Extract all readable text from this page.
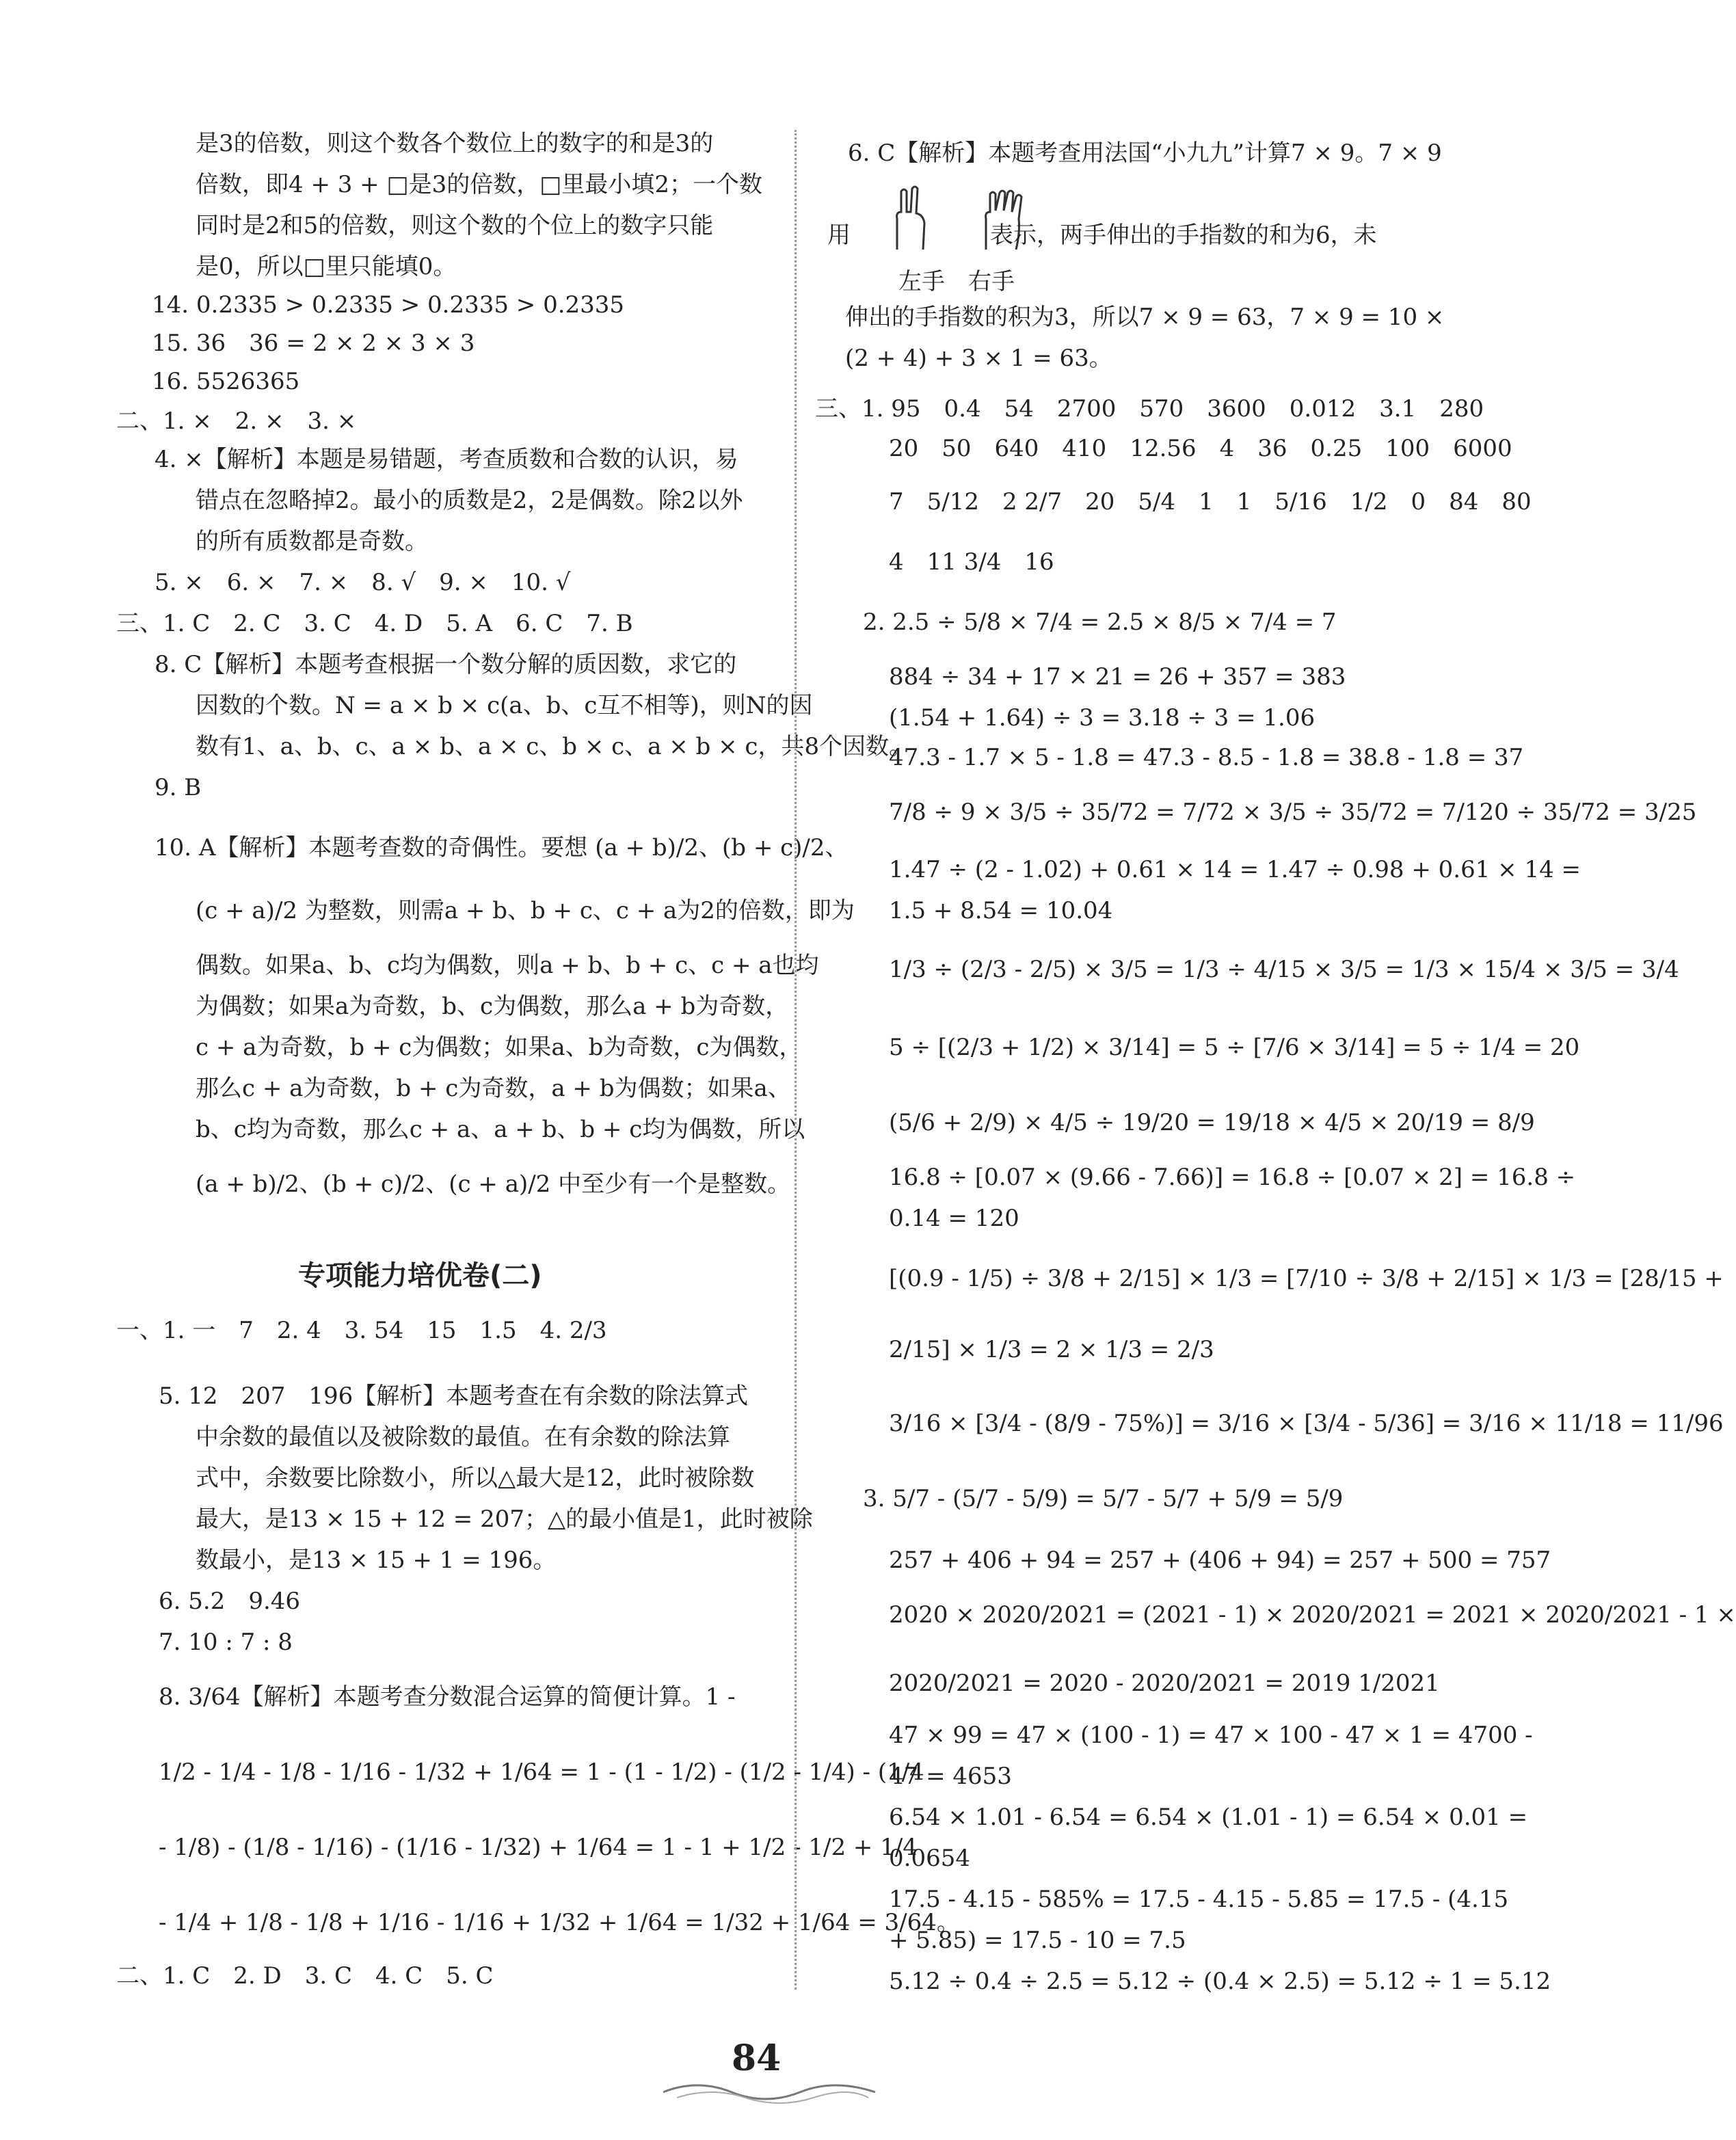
是3的倍数，则这个数各个数位上的数字的和是3的
倍数，即4 + 3 + □是3的倍数，□里最小填2；一个数
同时是2和5的倍数，则这个数的个位上的数字只能
是0，所以□里只能填0。
14. 0.2335 > 0.2335 > 0.2335 > 0.2335
15. 36　36 = 2 × 2 × 3 × 3
16. 5526365
二、1. ×　2. ×　3. ×
4. ×【解析】本题是易错题，考查质数和合数的认识，易
错点在忽略掉2。最小的质数是2，2是偶数。除2以外
的所有质数都是奇数。
5. ×　6. ×　7. ×　8. √　9. ×　10. √
三、1. C　2. C　3. C　4. D　5. A　6. C　7. B
8. C【解析】本题考查根据一个数分解的质因数，求它的
因数的个数。N = a × b × c(a、b、c互不相等)，则N的因
数有1、a、b、c、a × b、a × c、b × c、a × b × c，共8个因数。
9. B
10. A【解析】本题考查数的奇偶性。要想 (a + b)/2、(b + c)/2、
(c + a)/2 为整数，则需a + b、b + c、c + a为2的倍数，即为
偶数。如果a、b、c均为偶数，则a + b、b + c、c + a也均
为偶数；如果a为奇数，b、c为偶数，那么a + b为奇数，
c + a为奇数，b + c为偶数；如果a、b为奇数，c为偶数，
那么c + a为奇数，b + c为奇数，a + b为偶数；如果a、
b、c均为奇数，那么c + a、a + b、b + c均为偶数，所以
(a + b)/2、(b + c)/2、(c + a)/2 中至少有一个是整数。
专项能力培优卷(二)
一、1. 一　7　2. 4　3. 54　15　1.5　4. 2/3
5. 12　207　196【解析】本题考查在有余数的除法算式
中余数的最值以及被除数的最值。在有余数的除法算
式中，余数要比除数小，所以△最大是12，此时被除数
最大，是13 × 15 + 12 = 207；△的最小值是1，此时被除
数最小，是13 × 15 + 1 = 196。
6. 5.2　9.46
7. 10 : 7 : 8
8. 3/64【解析】本题考查分数混合运算的简便计算。1 -
1/2 - 1/4 - 1/8 - 1/16 - 1/32 + 1/64 = 1 - (1 - 1/2) - (1/2 - 1/4) - (1/4
- 1/8) - (1/8 - 1/16) - (1/16 - 1/32) + 1/64 = 1 - 1 + 1/2 - 1/2 + 1/4
- 1/4 + 1/8 - 1/8 + 1/16 - 1/16 + 1/32 + 1/64 = 1/32 + 1/64 = 3/64。
二、1. C　2. D　3. C　4. C　5. C
6. C【解析】本题考查用法国“小九九”计算7 × 9。7 × 9
用　　　　　　表示，两手伸出的手指数的和为6，未
左手　右手
伸出的手指数的积为3，所以7 × 9 = 63，7 × 9 = 10 ×
(2 + 4) + 3 × 1 = 63。
三、1. 95　0.4　54　2700　570　3600　0.012　3.1　280
20　50　640　410　12.56　4　36　0.25　100　6000
7　5/12　2 2/7　20　5/4　1　1　5/16　1/2　0　84　80
4　11 3/4　16
2. 2.5 ÷ 5/8 × 7/4 = 2.5 × 8/5 × 7/4 = 7
884 ÷ 34 + 17 × 21 = 26 + 357 = 383
(1.54 + 1.64) ÷ 3 = 3.18 ÷ 3 = 1.06
47.3 - 1.7 × 5 - 1.8 = 47.3 - 8.5 - 1.8 = 38.8 - 1.8 = 37
7/8 ÷ 9 × 3/5 ÷ 35/72 = 7/72 × 3/5 ÷ 35/72 = 7/120 ÷ 35/72 = 3/25
1.47 ÷ (2 - 1.02) + 0.61 × 14 = 1.47 ÷ 0.98 + 0.61 × 14 =
1.5 + 8.54 = 10.04
1/3 ÷ (2/3 - 2/5) × 3/5 = 1/3 ÷ 4/15 × 3/5 = 1/3 × 15/4 × 3/5 = 3/4
5 ÷ [(2/3 + 1/2) × 3/14] = 5 ÷ [7/6 × 3/14] = 5 ÷ 1/4 = 20
(5/6 + 2/9) × 4/5 ÷ 19/20 = 19/18 × 4/5 × 20/19 = 8/9
16.8 ÷ [0.07 × (9.66 - 7.66)] = 16.8 ÷ [0.07 × 2] = 16.8 ÷
0.14 = 120
[(0.9 - 1/5) ÷ 3/8 + 2/15] × 1/3 = [7/10 ÷ 3/8 + 2/15] × 1/3 = [28/15 +
2/15] × 1/3 = 2 × 1/3 = 2/3
3/16 × [3/4 - (8/9 - 75%)] = 3/16 × [3/4 - 5/36] = 3/16 × 11/18 = 11/96
3. 5/7 - (5/7 - 5/9) = 5/7 - 5/7 + 5/9 = 5/9
257 + 406 + 94 = 257 + (406 + 94) = 257 + 500 = 757
2020 × 2020/2021 = (2021 - 1) × 2020/2021 = 2021 × 2020/2021 - 1 ×
2020/2021 = 2020 - 2020/2021 = 2019 1/2021
47 × 99 = 47 × (100 - 1) = 47 × 100 - 47 × 1 = 4700 -
47 = 4653
6.54 × 1.01 - 6.54 = 6.54 × (1.01 - 1) = 6.54 × 0.01 =
0.0654
17.5 - 4.15 - 585% = 17.5 - 4.15 - 5.85 = 17.5 - (4.15
+ 5.85) = 17.5 - 10 = 7.5
5.12 ÷ 0.4 ÷ 2.5 = 5.12 ÷ (0.4 × 2.5) = 5.12 ÷ 1 = 5.12
84
